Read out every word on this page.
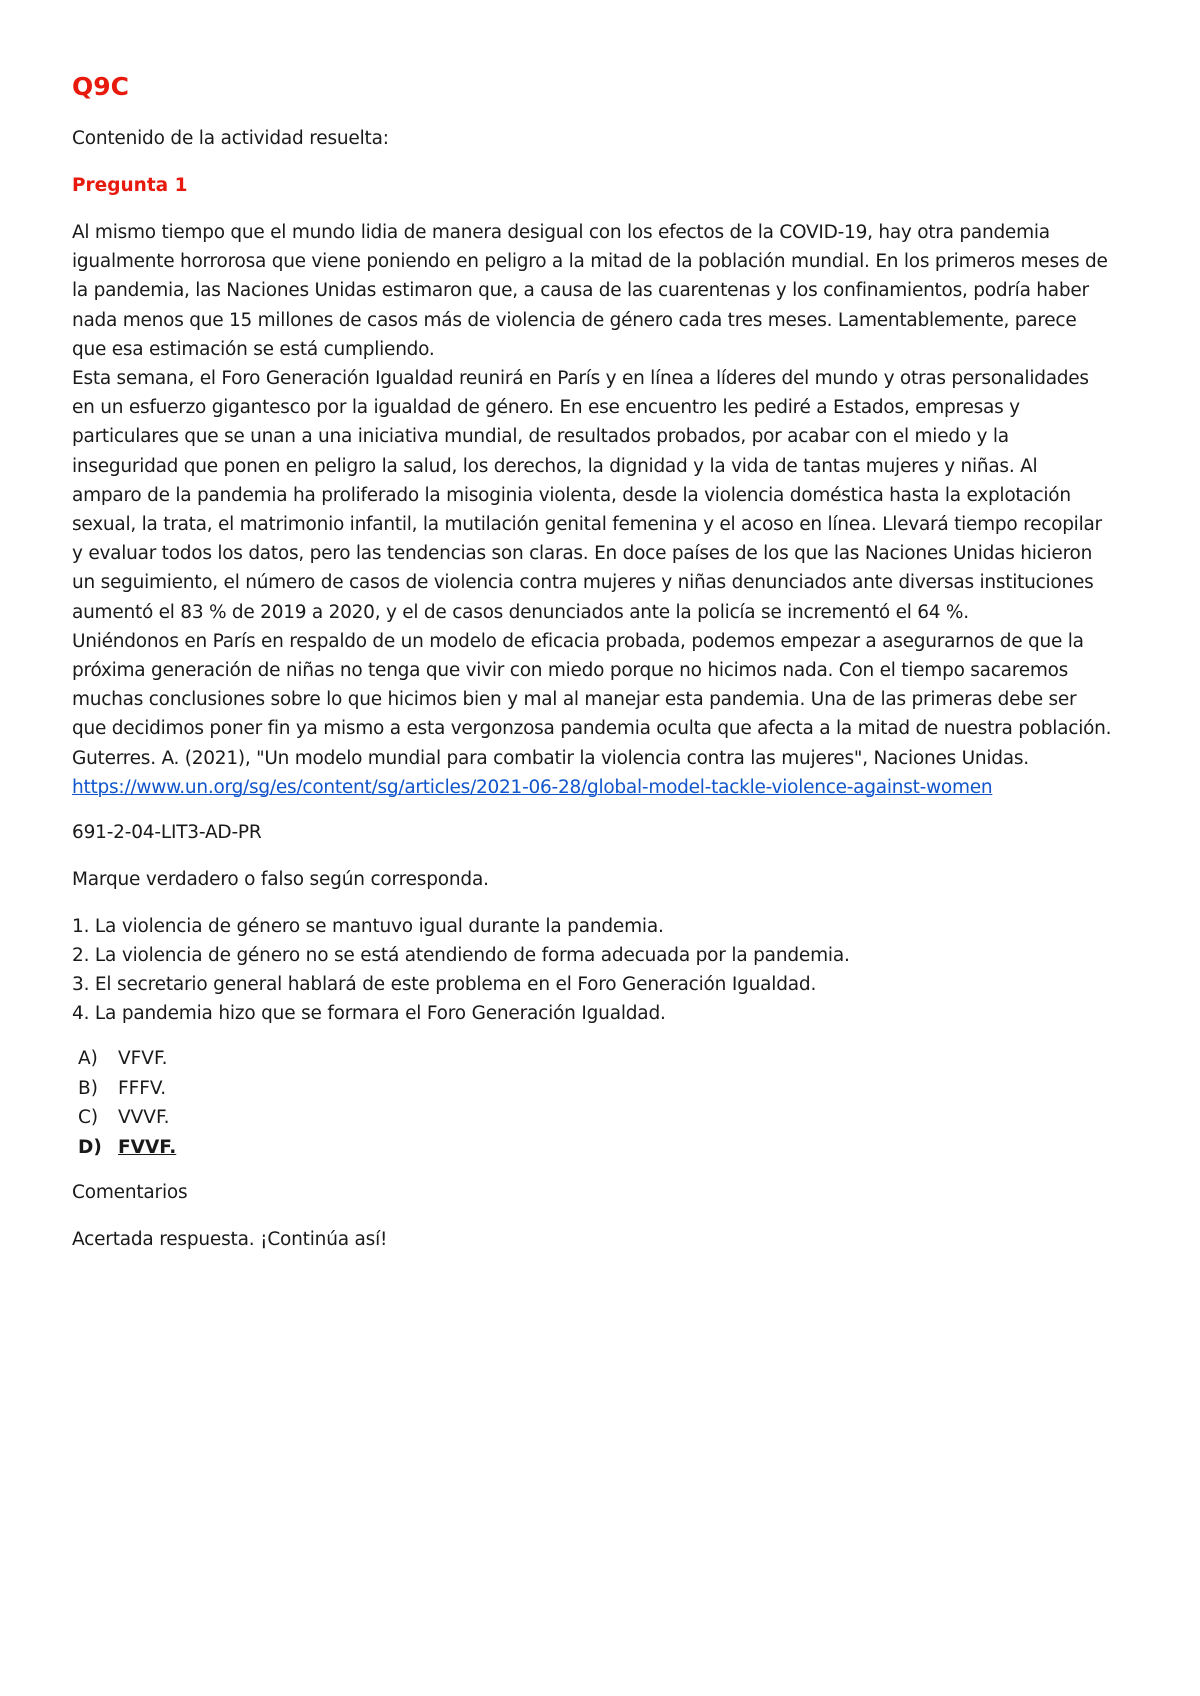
Q9C
Contenido de la actividad resuelta:
Pregunta 1

Al mismo tiempo que el mundo lidia de manera desigual con los efectos de la COVID-19, hay otra pandemia igualmente horrorosa que viene poniendo en peligro a la mitad de la población mundial. En los primeros meses de la pandemia, las Naciones Unidas estimaron que, a causa de las cuarentenas y los confinamientos, podría haber nada menos que 15 millones de casos más de violencia de género cada tres meses. Lamentablemente, parece que esa estimación se está cumpliendo.

Esta semana, el Foro Generación Igualdad reunirá en París y en línea a líderes del mundo y otras personalidades en un esfuerzo gigantesco por la igualdad de género. En ese encuentro les pediré a Estados, empresas y particulares que se unan a una iniciativa mundial, de resultados probados, por acabar con el miedo y la inseguridad que ponen en peligro la salud, los derechos, la dignidad y la vida de tantas mujeres y niñas. Al amparo de la pandemia ha proliferado la misoginia violenta, desde la violencia doméstica hasta la explotación sexual, la trata, el matrimonio infantil, la mutilación genital femenina y el acoso en línea. Llevará tiempo recopilar y evaluar todos los datos, pero las tendencias son claras. En doce países de los que las Naciones Unidas hicieron un seguimiento, el número de casos de violencia contra mujeres y niñas denunciados ante diversas instituciones aumentó el 83 % de 2019 a 2020, y el de casos denunciados ante la policía se incrementó el 64 %.

Uniéndonos en París en respaldo de un modelo de eficacia probada, podemos empezar a asegurarnos de que la próxima generación de niñas no tenga que vivir con miedo porque no hicimos nada. Con el tiempo sacaremos muchas conclusiones sobre lo que hicimos bien y mal al manejar esta pandemia. Una de las primeras debe ser que decidimos poner fin ya mismo a esta vergonzosa pandemia oculta que afecta a la mitad de nuestra población.

Guterres. A. (2021), "Un modelo mundial para combatir la violencia contra las mujeres", Naciones Unidas.

https://www.un.org/sg/es/content/sg/articles/2021-06-28/global-model-tackle-violence-against-women

691-2-04-LIT3-AD-PR
Marque verdadero o falso según corresponda.
1. La violencia de género se mantuvo igual durante la pandemia.
2. La violencia de género no se está atendiendo de forma adecuada por la pandemia.
3. El secretario general hablará de este problema en el Foro Generación Igualdad.
4. La pandemia hizo que se formara el Foro Generación Igualdad.
A)	VFVF.
B)	FFFV.
C)	VVVF.
D) FVVF.
Comentarios
Acertada respuesta. ¡Continúa así!
